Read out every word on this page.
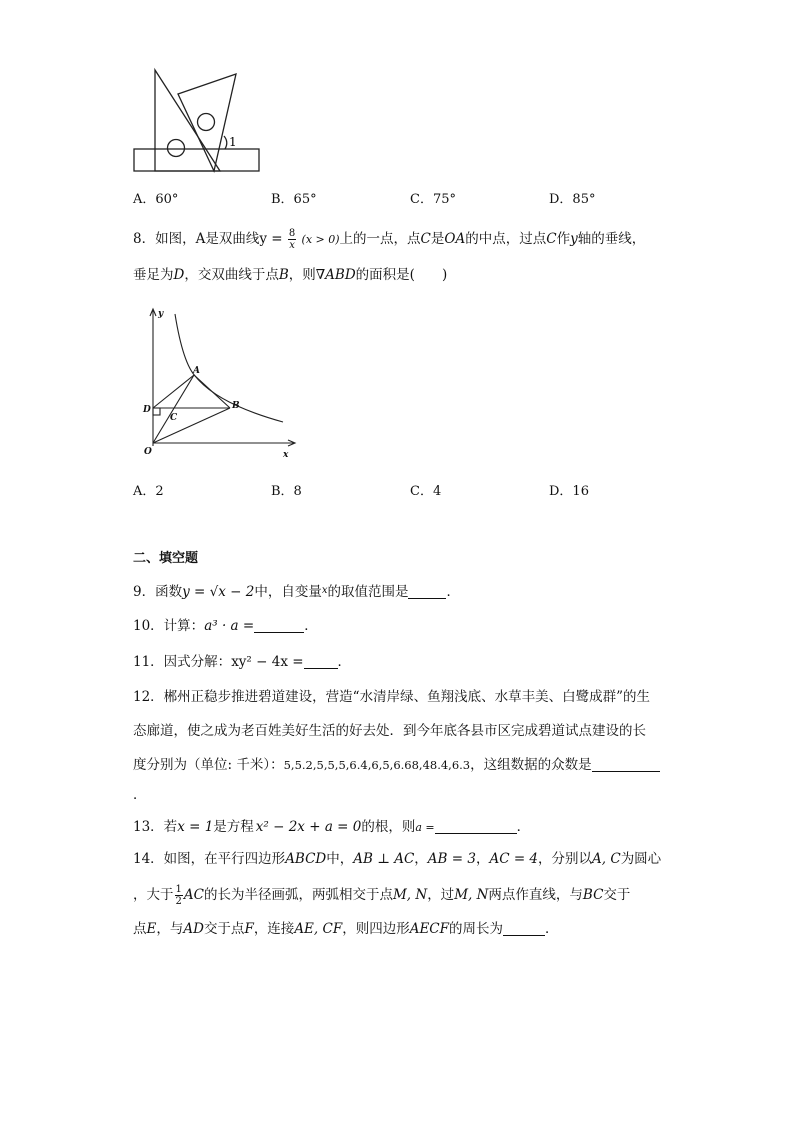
1
A．60°	B．65°	C．75°	D．85°
8．如图，A是双曲线$y = \frac{8}{x} (x > 0)$上的一点，点C是OA的中点，过点C作y轴的垂线，
垂足为D，交双曲线于点B，则∇ABD的面积是(　　)
y
x
O
A
B
C
D
A．2	B．8	C．4	D．16
二、填空题
9．函数y = √x − 2中，自变量$^x$的取值范围是	．
10．计算：a³ · a =	．
11．因式分解：xy² − 4x =	．
12．郴州正稳步推进碧道建设，营造“水清岸绿、鱼翔浅底、水草丰美、白鹭成群”的生
态廊道，使之成为老百姓美好生活的好去处．到今年底各县市区完成碧道试点建设的长
度分别为（单位: 千米）：5,5.2,5,5,5,6.4,6,5,6.68,48.4,6.3，这组数据的众数是
．
13．若x = 1是方程 x² − 2x + a = 0的根，则a =	．
14．如图，在平行四边形ABCD中，AB ⊥ AC，AB = 3，AC = 4，分别以A, C为圆心
，大于 $\frac{1}{2}$ AC的长为半径画弧，两弧相交于点M, N，过M, N两点作直线，与BC交于
点E，与AD交于点F，连接AE, CF，则四边形AECF的周长为	．
